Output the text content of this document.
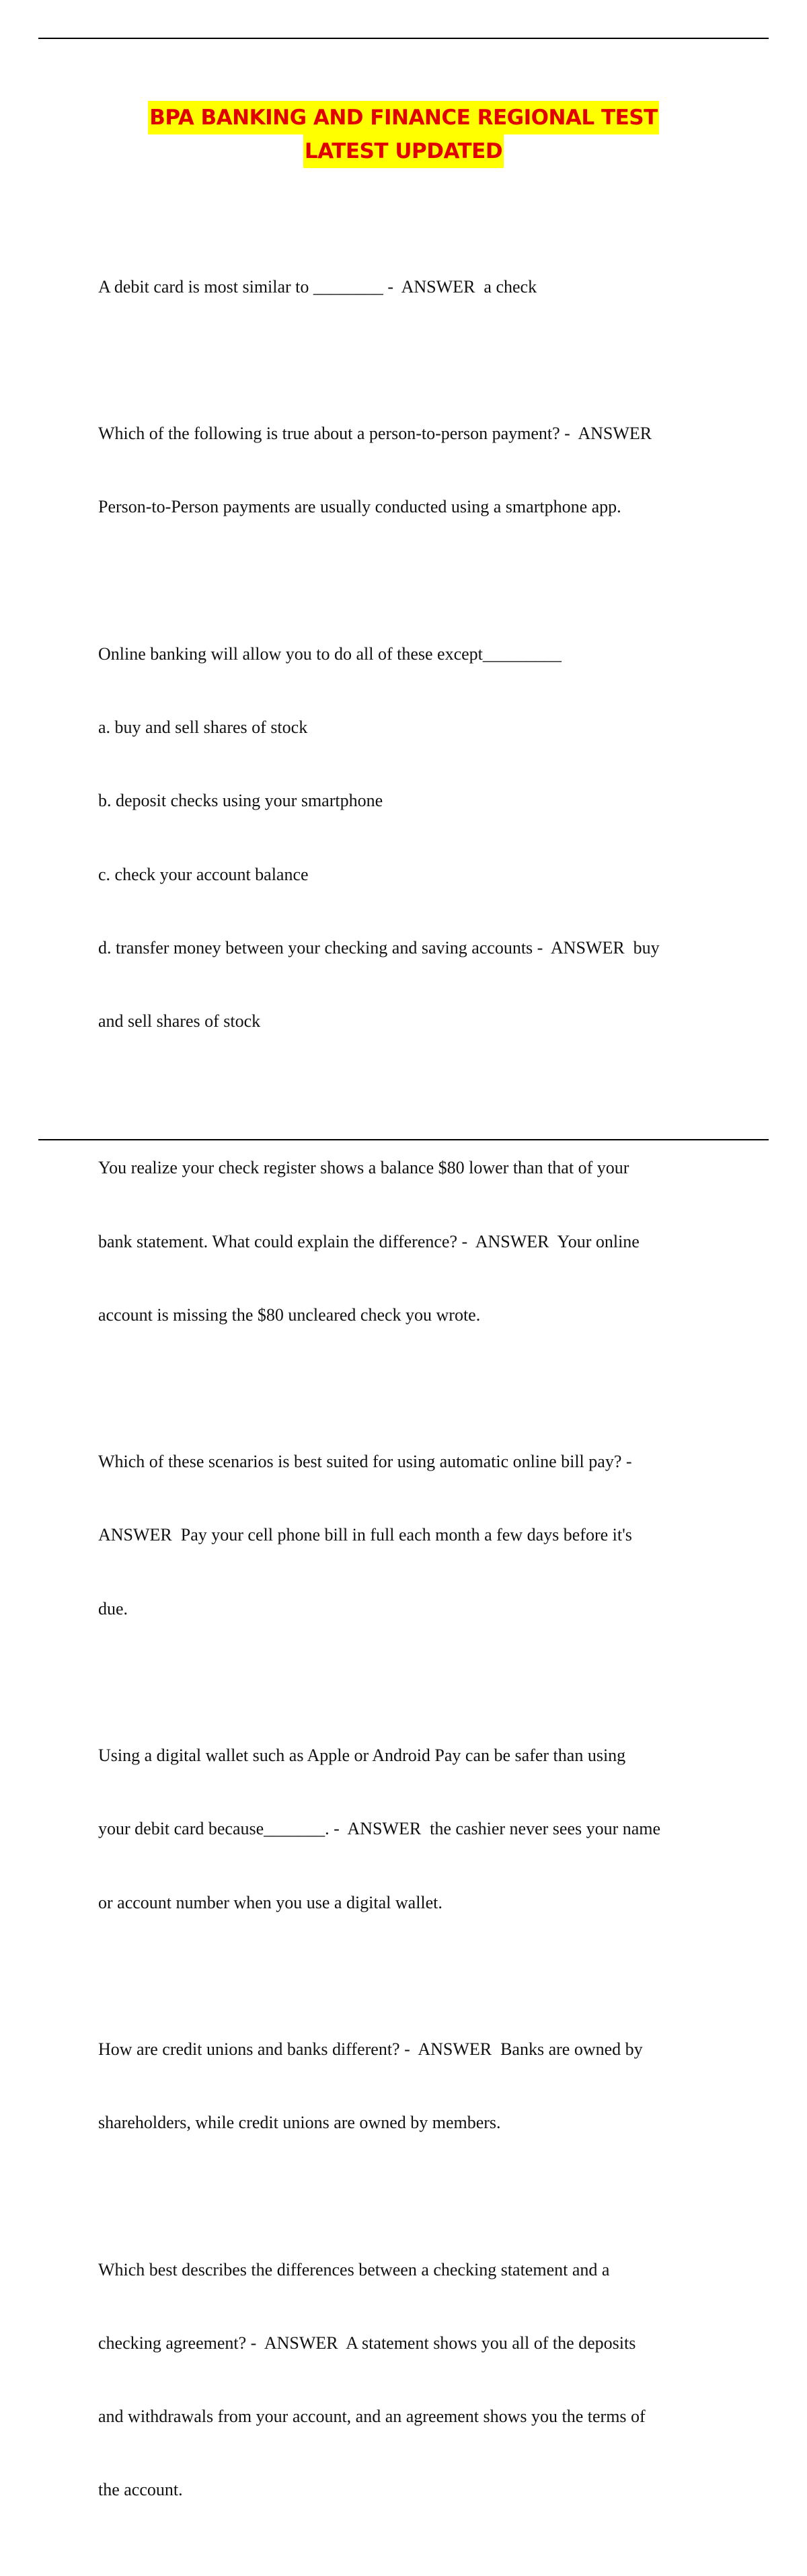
BPA BANKING AND FINANCE REGIONAL TEST
LATEST UPDATED

A debit card is most similar to ________ -  ANSWER  a check

Which of the following is true about a person-to-person payment? -  ANSWER

Person-to-Person payments are usually conducted using a smartphone app.

Online banking will allow you to do all of these except_________

a. buy and sell shares of stock

b. deposit checks using your smartphone

c. check your account balance

d. transfer money between your checking and saving accounts -  ANSWER  buy

and sell shares of stock

You realize your check register shows a balance $80 lower than that of your

bank statement. What could explain the difference? -  ANSWER  Your online

account is missing the $80 uncleared check you wrote.

Which of these scenarios is best suited for using automatic online bill pay? -

ANSWER  Pay your cell phone bill in full each month a few days before it's

due.

Using a digital wallet such as Apple or Android Pay can be safer than using

your debit card because_______. -  ANSWER  the cashier never sees your name

or account number when you use a digital wallet.

How are credit unions and banks different? -  ANSWER  Banks are owned by

shareholders, while credit unions are owned by members.

Which best describes the differences between a checking statement and a

checking agreement? -  ANSWER  A statement shows you all of the deposits

and withdrawals from your account, and an agreement shows you the terms of

the account.
